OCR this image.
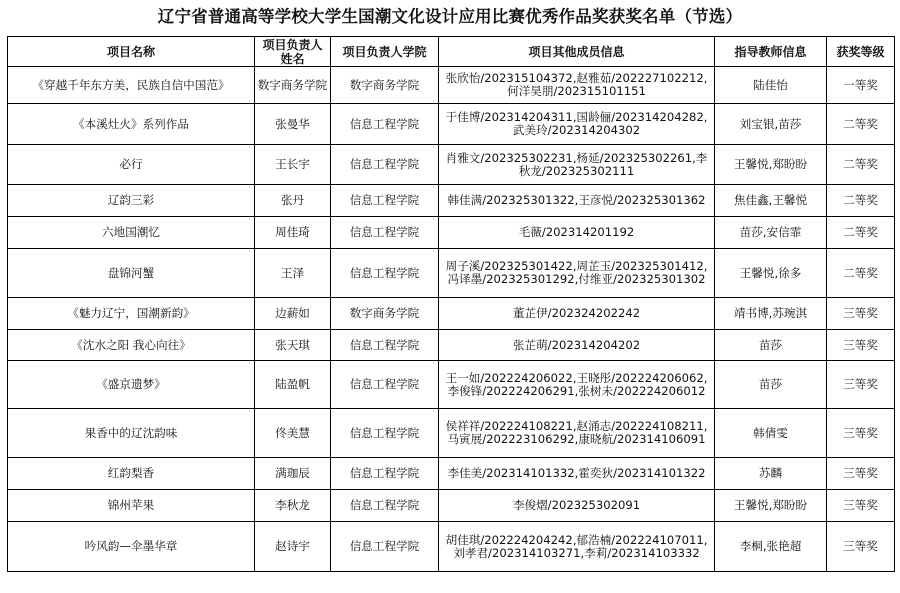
辽宁省普通高等学校大学生国潮文化设计应用比赛优秀作品奖获奖名单（节选）
项目名称	项目负责人姓名	项目负责人学院	项目其他成员信息	指导教师信息	获奖等级
《穿越千年东方美，民族自信中国范》	数字商务学院	数字商务学院	张欣怡/202315104372,赵雅茹/202227102212,何洋昊朋/202315101151	陆佳怡	一等奖
《本溪灶火》系列作品	张曼华	信息工程学院	于佳博/202314204311,国龄俪/202314204282,武美玲/202314204302	刘宝银,苗莎	二等奖
必行	王长宇	信息工程学院	肖雅文/202325302231,杨延/202325302261,李秋龙/202325302111	王馨悦,郑盼盼	二等奖
辽韵三彩	张丹	信息工程学院	韩佳满/202325301322,王彦悦/202325301362	焦佳鑫,王馨悦	二等奖
六地国潮忆	周佳琦	信息工程学院	毛薇/202314201192	苗莎,安信霏	二等奖
盘锦河蟹	王泽	信息工程学院	周子溪/202325301422,周芷玉/202325301412,冯译墨/202325301292,付维亚/202325301302	王馨悦,徐多	二等奖
《魅力辽宁，国潮新韵》	边薪如	数字商务学院	董芷伊/202324202242	靖书博,苏琬淇	三等奖
《沈水之阳 我心向往》	张天琪	信息工程学院	张芷萌/202314204202	苗莎	三等奖
《盛京遗梦》	陆盈帆	信息工程学院	王一如/202224206022,王晓彤/202224206062,李俊锋/202224206291,张树未/202224206012	苗莎	三等奖
果香中的辽沈韵味	佟美慧	信息工程学院	侯祥祥/202224108221,赵涌志/202224108211,马寅展/202223106292,康晓航/202314106091	韩倩雯	三等奖
红韵梨香	满珈辰	信息工程学院	李佳美/202314101332,霍奕狄/202314101322	苏麟	三等奖
锦州苹果	李秋龙	信息工程学院	李俊熠/202325302091	王馨悦,郑盼盼	三等奖
吟风韵—伞墨华章	赵诗宇	信息工程学院	胡佳琪/202224204242,郁浩楠/202224107011,刘孝君/202314103271,李莉/202314103332	李桐,张艳超	三等奖
